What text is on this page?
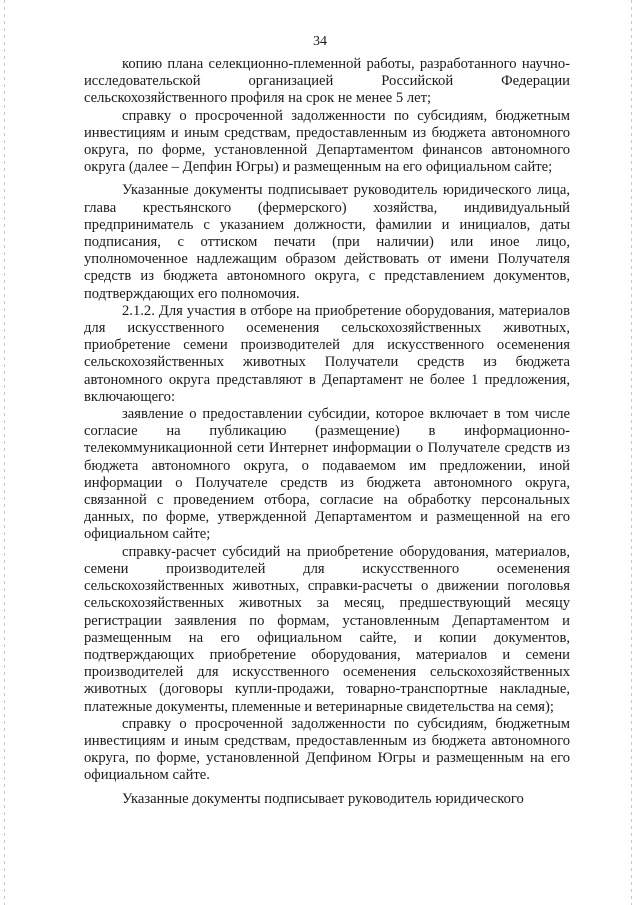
34

копию плана селекционно-племенной работы, разработанного научно-исследовательской организацией Российской Федерации сельскохозяйственного профиля на срок не менее 5 лет;

справку о просроченной задолженности по субсидиям, бюджетным инвестициям и иным средствам, предоставленным из бюджета автономного округа, по форме, установленной Департаментом финансов автономного округа (далее – Депфин Югры) и размещенным на его официальном сайте;

Указанные документы подписывает руководитель юридического лица, глава крестьянского (фермерского) хозяйства, индивидуальный предприниматель с указанием должности, фамилии и инициалов, даты подписания, с оттиском печати (при наличии) или иное лицо, уполномоченное надлежащим образом действовать от имени Получателя средств из бюджета автономного округа, с представлением документов, подтверждающих его полномочия.

2.1.2. Для участия в отборе на приобретение оборудования, материалов для искусственного осеменения сельскохозяйственных животных, приобретение семени производителей для искусственного осеменения сельскохозяйственных животных Получатели средств из бюджета автономного округа представляют в Департамент не более 1 предложения, включающего:

заявление о предоставлении субсидии, которое включает в том числе согласие на публикацию (размещение) в информационно-телекоммуникационной сети Интернет информации о Получателе средств из бюджета автономного округа, о подаваемом им предложении, иной информации о Получателе средств из бюджета автономного округа, связанной с проведением отбора, согласие на обработку персональных данных, по форме, утвержденной Департаментом и размещенной на его официальном сайте;

справку-расчет субсидий на приобретение оборудования, материалов, семени производителей для искусственного осеменения сельскохозяйственных животных, справки-расчеты о движении поголовья сельскохозяйственных животных за месяц, предшествующий месяцу регистрации заявления по формам, установленным Департаментом и размещенным на его официальном сайте, и копии документов, подтверждающих приобретение оборудования, материалов и семени производителей для искусственного осеменения сельскохозяйственных животных (договоры купли-продажи, товарно-транспортные накладные, платежные документы, племенные и ветеринарные свидетельства на семя);

справку о просроченной задолженности по субсидиям, бюджетным инвестициям и иным средствам, предоставленным из бюджета автономного округа, по форме, установленной Депфином Югры и размещенным на его официальном сайте.

Указанные документы подписывает руководитель юридического
